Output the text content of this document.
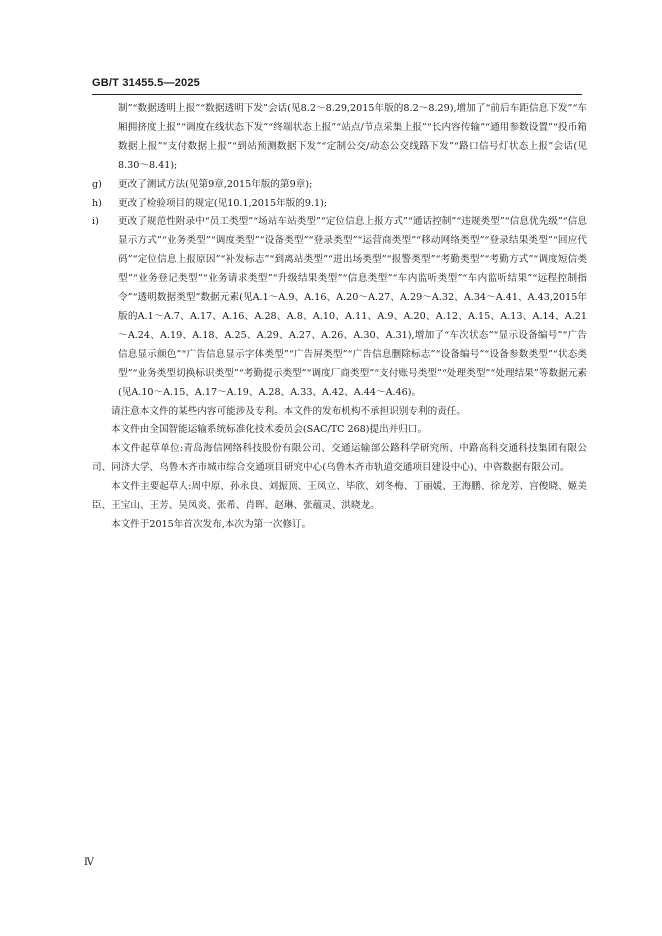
GB/T 31455.5—2025
制”“数据透明上报”“数据透明下发”会话(见8.2～8.29,2015年版的8.2～8.29),增加了“前后车距信息下发”“车厢拥挤度上报”“调度在线状态下发”“终端状态上报”“站点/节点采集上报”“长内容传输”“通用参数设置”“投币箱数据上报”“支付数据上报”“到站预测数据下发”“定制公交/动态公交线路下发”“路口信号灯状态上报”会话(见8.30～8.41);
g)	更改了测试方法(见第9章,2015年版的第9章);
h)	更改了检验项目的规定(见10.1,2015年版的9.1);
i)	更改了规范性附录中“员工类型”“场站车站类型”“定位信息上报方式”“通话控制”“违规类型”“信息优先级”“信息显示方式”“业务类型”“调度类型”“设备类型”“登录类型”“运营商类型”“移动网络类型”“登录结果类型”“回应代码”“定位信息上报原因”“补发标志”“到离站类型”“进出场类型”“报警类型”“考勤类型”“考勤方式”“调度短信类型”“业务登记类型”“业务请求类型”“升级结果类型”“信息类型”“车内监听类型”“车内监听结果”“远程控制指令”“透明数据类型”数据元素(见A.1～A.9、A.16、A.20～A.27、A.29～A.32、A.34～A.41、A.43,2015年版的A.1～A.7、A.17、A.16、A.28、A.8、A.10、A.11、A.9、A.20、A.12、A.15、A.13、A.14、A.21～A.24、A.19、A.18、A.25、A.29、A.27、A.26、A.30、A.31),增加了“车次状态”“显示设备编号”“广告信息显示颜色”“广告信息显示字体类型”“广告屏类型”“广告信息删除标志”“设备编号”“设备参数类型”“状态类型”“业务类型切换标识类型”“考勤提示类型”“调度厂商类型”“支付账号类型”“处理类型”“处理结果”等数据元素(见A.10～A.15、A.17～A.19、A.28、A.33、A.42、A.44～A.46)。
请注意本文件的某些内容可能涉及专利。本文件的发布机构不承担识别专利的责任。
本文件由全国智能运输系统标准化技术委员会(SAC/TC 268)提出并归口。
本文件起草单位:青岛海信网络科技股份有限公司、交通运输部公路科学研究所、中路高科交通科技集团有限公司、同济大学、乌鲁木齐市城市综合交通项目研究中心(乌鲁木齐市轨道交通项目建设中心)、中咨数据有限公司。
本文件主要起草人:周中原、孙永良、刘振顶、王凤立、毕欣、刘冬梅、丁丽媛、王海鹏、徐龙芳、宫俊晓、姬美臣、王宝山、王芳、吴凤炎、张希、肖晖、赵琳、张蕴灵、洪晓龙。
本文件于2015年首次发布,本次为第一次修订。
Ⅳ
